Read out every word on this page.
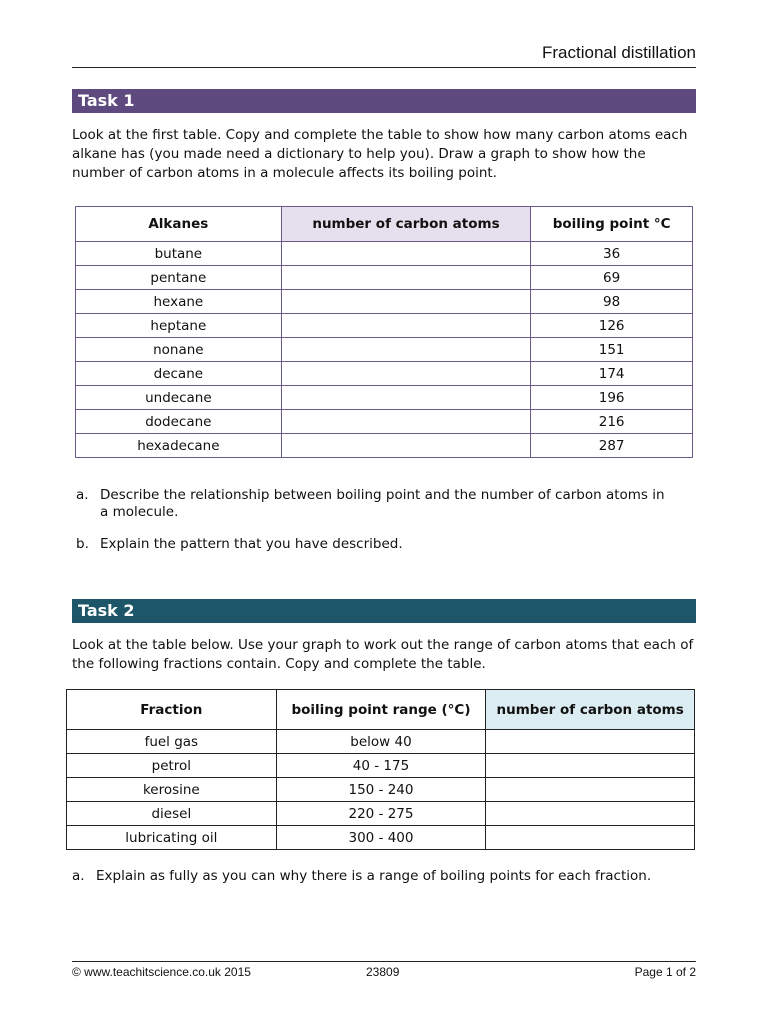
Fractional distillation
Task 1
Look at the first table. Copy and complete the table to show how many carbon atoms each alkane has (you made need a dictionary to help you). Draw a graph to show how the number of carbon atoms in a molecule affects its boiling point.
Alkanes	number of carbon atoms	boiling point °C
butane		36
pentane		69
hexane		98
heptane		126
nonane		151
decane		174
undecane		196
dodecane		216
hexadecane		287
a. Describe the relationship between boiling point and the number of carbon atoms in
a molecule.
b. Explain the pattern that you have described.
Task 2
Look at the table below. Use your graph to work out the range of carbon atoms that each of the following fractions contain. Copy and complete the table.
Fraction	boiling point range (°C)	number of carbon atoms
fuel gas	below 40	
petrol	40 - 175	
kerosine	150 - 240	
diesel	220 - 275	
lubricating oil	300 - 400	
a. Explain as fully as you can why there is a range of boiling points for each fraction.
© www.teachitscience.co.uk 2015	23809	Page 1 of 2
